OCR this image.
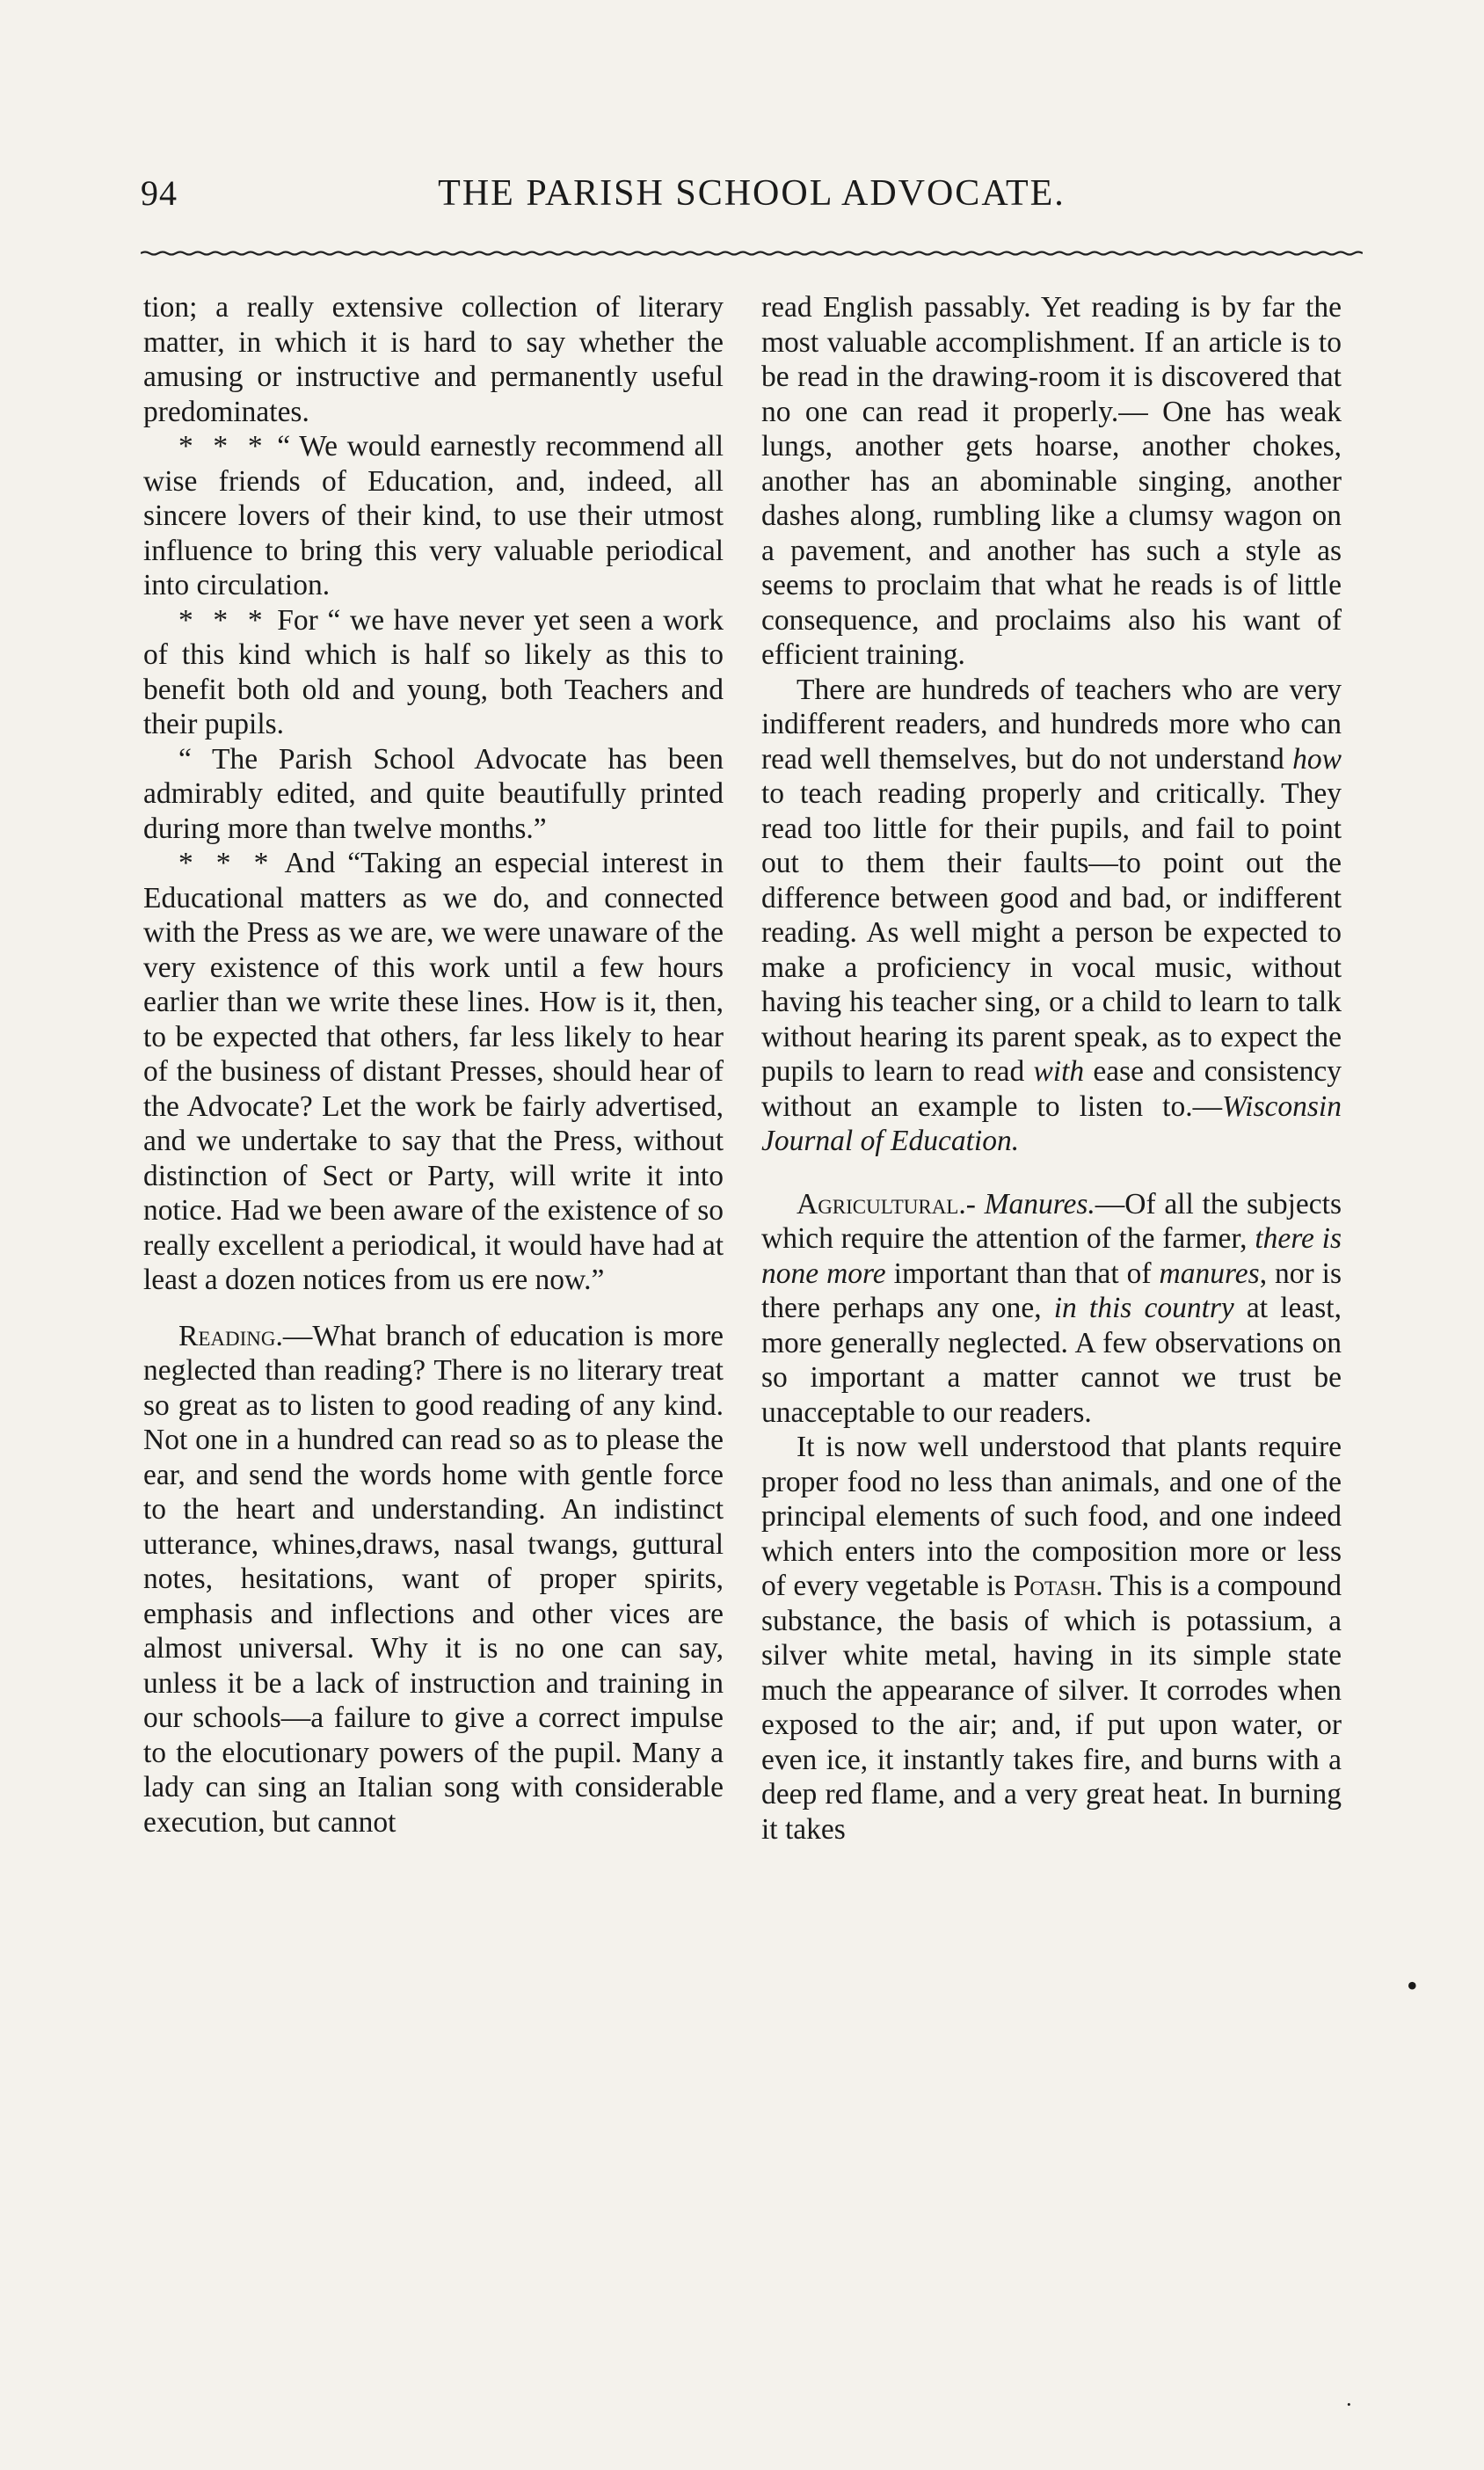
94	THE PARISH SCHOOL ADVOCATE.

tion; a really extensive collection of literary matter, in which it is hard to say whether the amusing or instructive and permanently useful predominates.

* * * “ We would earnestly recommend all wise friends of Education, and, indeed, all sincere lovers of their kind, to use their utmost influence to bring this very valuable periodical into circulation.

* * * For “ we have never yet seen a work of this kind which is half so likely as this to benefit both old and young, both Teachers and their pupils.

“ The Parish School Advocate has been admirably edited, and quite beautifully printed during more than twelve months.”

* * * And “Taking an especial interest in Educational matters as we do, and connected with the Press as we are, we were unaware of the very existence of this work until a few hours earlier than we write these lines. How is it, then, to be expected that others, far less likely to hear of the business of distant Presses, should hear of the Advocate? Let the work be fairly advertised, and we undertake to say that the Press, without distinction of Sect or Party, will write it into notice. Had we been aware of the existence of so really excellent a periodical, it would have had at least a dozen notices from us ere now.”

Reading.—What branch of education is more neglected than reading? There is no literary treat so great as to listen to good reading of any kind. Not one in a hundred can read so as to please the ear, and send the words home with gentle force to the heart and understanding. An indistinct utterance, whines,draws, nasal twangs, guttural notes, hesitations, want of proper spirits, emphasis and inflections and other vices are almost universal. Why it is no one can say, unless it be a lack of instruction and training in our schools—a failure to give a correct impulse to the elocutionary powers of the pupil. Many a lady can sing an Italian song with considerable execution, but cannot

read English passably. Yet reading is by far the most valuable accomplishment. If an article is to be read in the drawing-room it is discovered that no one can read it properly.— One has weak lungs, another gets hoarse, another chokes, another has an abominable singing, another dashes along, rumbling like a clumsy wagon on a pavement, and another has such a style as seems to proclaim that what he reads is of little consequence, and proclaims also his want of efficient training.

There are hundreds of teachers who are very indifferent readers, and hundreds more who can read well themselves, but do not understand how to teach reading properly and critically. They read too little for their pupils, and fail to point out to them their faults—to point out the difference between good and bad, or indifferent reading. As well might a person be expected to make a proficiency in vocal music, without having his teacher sing, or a child to learn to talk without hearing its parent speak, as to expect the pupils to learn to read with ease and consistency without an example to listen to.—Wisconsin Journal of Education.

Agricultural.- Manures.—Of all the subjects which require the attention of the farmer, there is none more important than that of manures, nor is there perhaps any one, in this country at least, more generally neglected. A few observations on so important a matter cannot we trust be unacceptable to our readers.

It is now well understood that plants require proper food no less than animals, and one of the principal elements of such food, and one indeed which enters into the composition more or less of every vegetable is Potash. This is a compound substance, the basis of which is potassium, a silver white metal, having in its simple state much the appearance of silver. It corrodes when exposed to the air; and, if put upon water, or even ice, it instantly takes fire, and burns with a deep red flame, and a very great heat. In burning it takes

•
·
